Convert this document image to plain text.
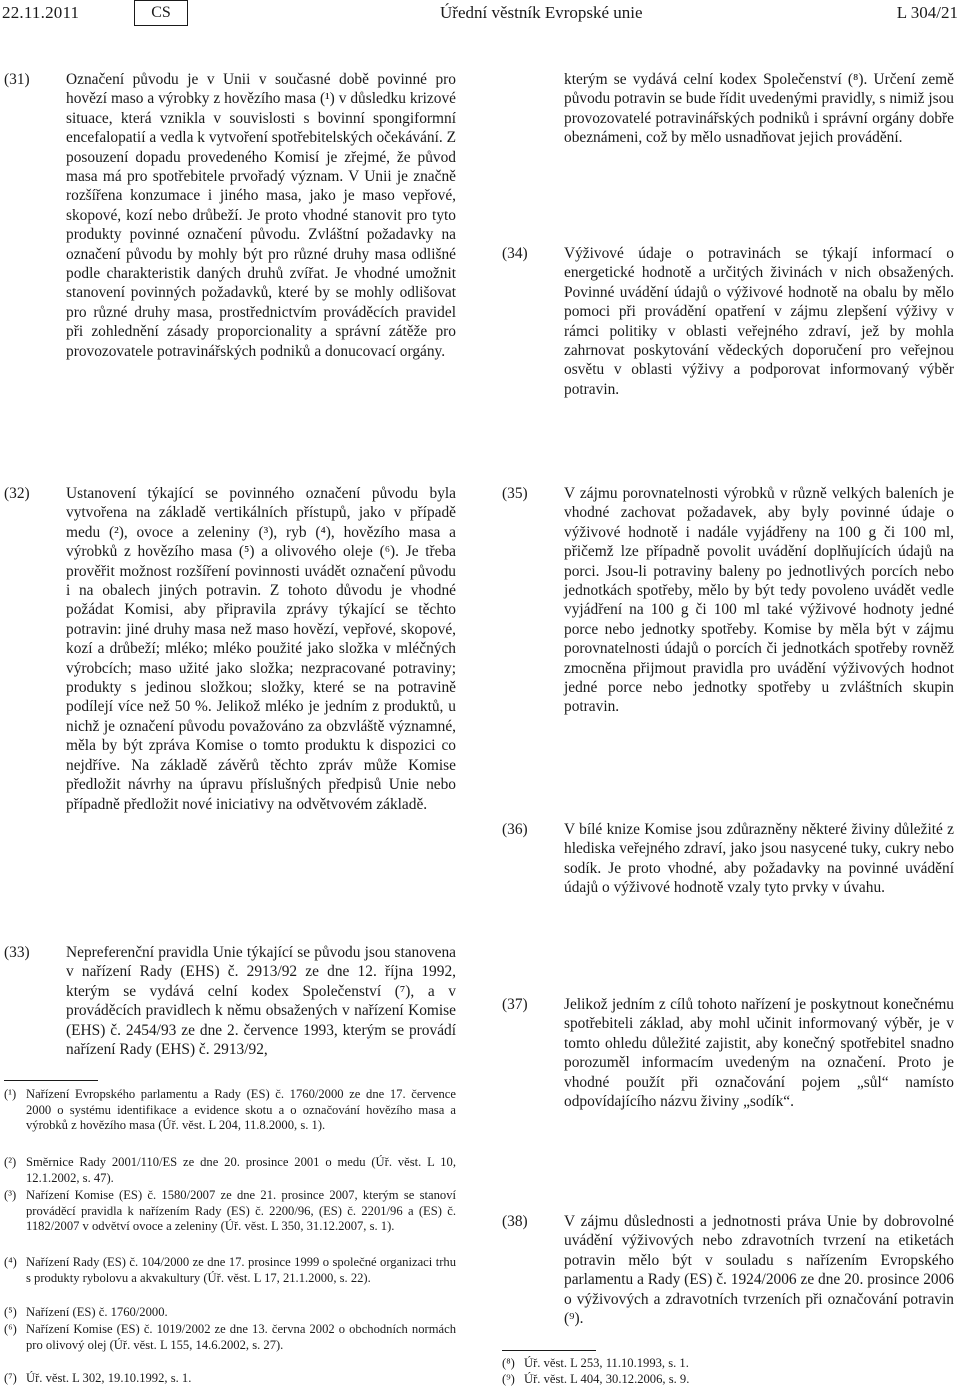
22.11.2011	CS	Úřední věstník Evropské unie	L 304/21
(31) Označení původu je v Unii v současné době povinné pro hovězí maso a výrobky z hovězího masa (¹) v důsledku krizové situace, která vznikla v souvislosti s bovinní spongiformní encefalopatií a vedla k vytvoření spotřebitelských očekávání. Z posouzení dopadu provedeného Komisí je zřejmé, že původ masa má pro spotřebitele prvořadý význam. V Unii je značně rozšířena konzumace i jiného masa, jako je maso vepřové, skopové, kozí nebo drůbeží. Je proto vhodné stanovit pro tyto produkty povinné označení původu. Zvláštní požadavky na označení původu by mohly být pro různé druhy masa odlišné podle charakteristik daných druhů zvířat. Je vhodné umožnit stanovení povinných požadavků, které by se mohly odlišovat pro různé druhy masa, prostřednictvím prováděcích pravidel při zohlednění zásady proporcionality a správní zátěže pro provozovatele potravinářských podniků a donucovací orgány.
(32) Ustanovení týkající se povinného označení původu byla vytvořena na základě vertikálních přístupů, jako v případě medu (²), ovoce a zeleniny (³), ryb (⁴), hovězího masa a výrobků z hovězího masa (⁵) a olivového oleje (⁶). Je třeba prověřit možnost rozšíření povinnosti uvádět označení původu i na obalech jiných potravin. Z tohoto důvodu je vhodné požádat Komisi, aby připravila zprávy týkající se těchto potravin: jiné druhy masa než maso hovězí, vepřové, skopové, kozí a drůbeží; mléko; mléko použité jako složka v mléčných výrobcích; maso užité jako složka; nezpracované potraviny; produkty s jedinou složkou; složky, které se na potravině podílejí více než 50 %. Jelikož mléko je jedním z produktů, u nichž je označení původu považováno za obzvláště významné, měla by být zpráva Komise o tomto produktu k dispozici co nejdříve. Na základě závěrů těchto zpráv může Komise předložit návrhy na úpravu příslušných předpisů Unie nebo případně předložit nové iniciativy na odvětvovém základě.
(33) Nepreferenční pravidla Unie týkající se původu jsou stanovena v nařízení Rady (EHS) č. 2913/92 ze dne 12. října 1992, kterým se vydává celní kodex Společenství (⁷), a v prováděcích pravidlech k němu obsažených v nařízení Komise (EHS) č. 2454/93 ze dne 2. července 1993, kterým se provádí nařízení Rady (EHS) č. 2913/92,
(¹) Nařízení Evropského parlamentu a Rady (ES) č. 1760/2000 ze dne 17. července 2000 o systému identifikace a evidence skotu a o označování hovězího masa a výrobků z hovězího masa (Úř. věst. L 204, 11.8.2000, s. 1).
(²) Směrnice Rady 2001/110/ES ze dne 20. prosince 2001 o medu (Úř. věst. L 10, 12.1.2002, s. 47).
(³) Nařízení Komise (ES) č. 1580/2007 ze dne 21. prosince 2007, kterým se stanoví prováděcí pravidla k nařízením Rady (ES) č. 2200/96, (ES) č. 2201/96 a (ES) č. 1182/2007 v odvětví ovoce a zeleniny (Úř. věst. L 350, 31.12.2007, s. 1).
(⁴) Nařízení Rady (ES) č. 104/2000 ze dne 17. prosince 1999 o společné organizaci trhu s produkty rybolovu a akvakultury (Úř. věst. L 17, 21.1.2000, s. 22).
(⁵) Nařízení (ES) č. 1760/2000.
(⁶) Nařízení Komise (ES) č. 1019/2002 ze dne 13. června 2002 o obchodních normách pro olivový olej (Úř. věst. L 155, 14.6.2002, s. 27).
(⁷) Úř. věst. L 302, 19.10.1992, s. 1.
kterým se vydává celní kodex Společenství (⁸). Určení země původu potravin se bude řídit uvedenými pravidly, s nimiž jsou provozovatelé potravinářských podniků i správní orgány dobře obeznámeni, což by mělo usnadňovat jejich provádění.
(34) Výživové údaje o potravinách se týkají informací o energetické hodnotě a určitých živinách v nich obsažených. Povinné uvádění údajů o výživové hodnotě na obalu by mělo pomoci při provádění opatření v zájmu zlepšení výživy v rámci politiky v oblasti veřejného zdraví, jež by mohla zahrnovat poskytování vědeckých doporučení pro veřejnou osvětu v oblasti výživy a podporovat informovaný výběr potravin.
(35) V zájmu porovnatelnosti výrobků v různě velkých baleních je vhodné zachovat požadavek, aby byly povinné údaje o výživové hodnotě i nadále vyjádřeny na 100 g či 100 ml, přičemž lze případně povolit uvádění doplňujících údajů na porci. Jsou-li potraviny baleny po jednotlivých porcích nebo jednotkách spotřeby, mělo by být tedy povoleno uvádět vedle vyjádření na 100 g či 100 ml také výživové hodnoty jedné porce nebo jednotky spotřeby. Komise by měla být v zájmu porovnatelnosti údajů o porcích či jednotkách spotřeby rovněž zmocněna přijmout pravidla pro uvádění výživových hodnot jedné porce nebo jednotky spotřeby u zvláštních skupin potravin.
(36) V bílé knize Komise jsou zdůrazněny některé živiny důležité z hlediska veřejného zdraví, jako jsou nasycené tuky, cukry nebo sodík. Je proto vhodné, aby požadavky na povinné uvádění údajů o výživové hodnotě vzaly tyto prvky v úvahu.
(37) Jelikož jedním z cílů tohoto nařízení je poskytnout konečnému spotřebiteli základ, aby mohl učinit informovaný výběr, je v tomto ohledu důležité zajistit, aby konečný spotřebitel snadno porozuměl informacím uvedeným na označení. Proto je vhodné použít při označování pojem „sůl“ namísto odpovídajícího názvu živiny „sodík“.
(38) V zájmu důslednosti a jednotnosti práva Unie by dobrovolné uvádění výživových nebo zdravotních tvrzení na etiketách potravin mělo být v souladu s nařízením Evropského parlamentu a Rady (ES) č. 1924/2006 ze dne 20. prosince 2006 o výživových a zdravotních tvrzeních při označování potravin (⁹).
(⁸) Úř. věst. L 253, 11.10.1993, s. 1.
(⁹) Úř. věst. L 404, 30.12.2006, s. 9.
